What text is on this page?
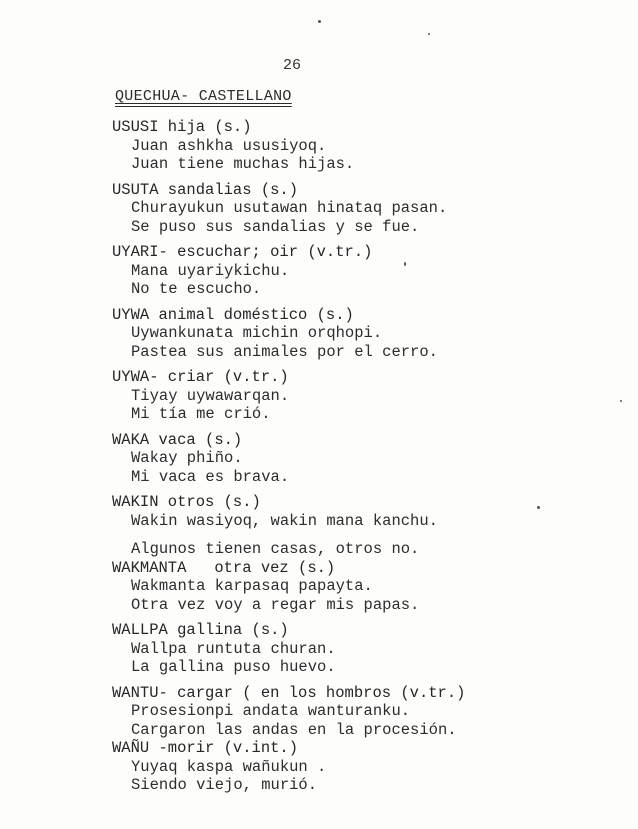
26
QUECHUA- CASTELLANO
USUSI hija (s.)
Juan ashkha ususiyoq.
Juan tiene muchas hijas.
USUTA sandalias (s.)
Churayukun usutawan hinataq pasan.
Se puso sus sandalias y se fue.
UYARI- escuchar; oir (v.tr.)
Mana uyariykichu.
No te escucho.
UYWA animal doméstico (s.)
Uywankunata michin orqhopi.
Pastea sus animales por el cerro.
UYWA- criar (v.tr.)
Tiyay uywawarqan.
Mi tía me crió.
WAKA vaca (s.)
Wakay phiño.
Mi vaca es brava.
WAKIN otros (s.)
Wakin wasiyoq, wakin mana kanchu.
Algunos tienen casas, otros no.
WAKMANTA   otra vez (s.)
Wakmanta karpasaq papayta.
Otra vez voy a regar mis papas.
WALLPA gallina (s.)
Wallpa runtuta churan.
La gallina puso huevo.
WANTU- cargar ( en los hombros (v.tr.)
Prosesionpi andata wanturanku.
Cargaron las andas en la procesión.
WAÑU -morir (v.int.)
Yuyaq kaspa wañukun .
Siendo viejo, murió.
